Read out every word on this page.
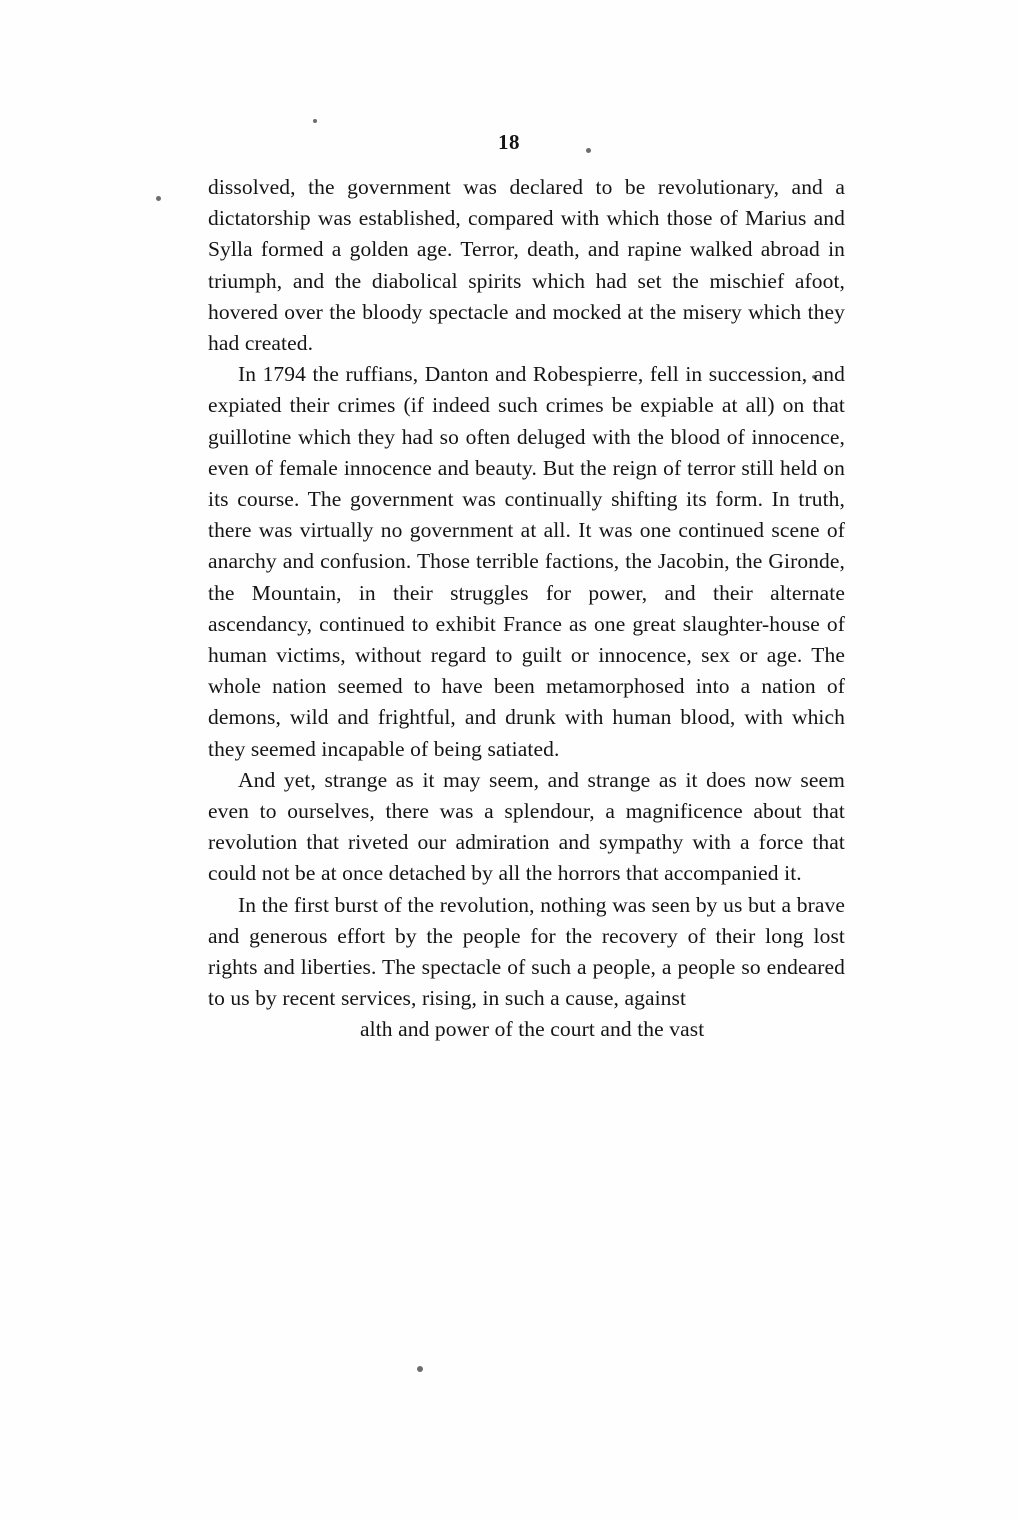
18

dissolved, the government was declared to be revolutionary, and a dictatorship was established, compared with which those of Marius and Sylla formed a golden age. Terror, death, and rapine walked abroad in triumph, and the diabolical spirits which had set the mischief afoot, hovered over the bloody spectacle and mocked at the misery which they had created.

In 1794 the ruffians, Danton and Robespierre, fell in succession, and expiated their crimes (if indeed such crimes be expiable at all) on that guillotine which they had so often deluged with the blood of innocence, even of female innocence and beauty. But the reign of terror still held on its course. The government was continually shifting its form. In truth, there was virtually no government at all. It was one continued scene of anarchy and confusion. Those terrible factions, the Jacobin, the Gironde, the Mountain, in their struggles for power, and their alternate ascendancy, continued to exhibit France as one great slaughter-house of human victims, without regard to guilt or innocence, sex or age. The whole nation seemed to have been metamorphosed into a nation of demons, wild and frightful, and drunk with human blood, with which they seemed incapable of being satiated.

And yet, strange as it may seem, and strange as it does now seem even to ourselves, there was a splendour, a magnificence about that revolution that riveted our admiration and sympathy with a force that could not be at once detached by all the horrors that accompanied it.

In the first burst of the revolution, nothing was seen by us but a brave and generous effort by the people for the recovery of their long lost rights and liberties. The spectacle of such a people, a people so endeared to us by recent services, rising, in such a cause, against

alth and power of the court and the vast
